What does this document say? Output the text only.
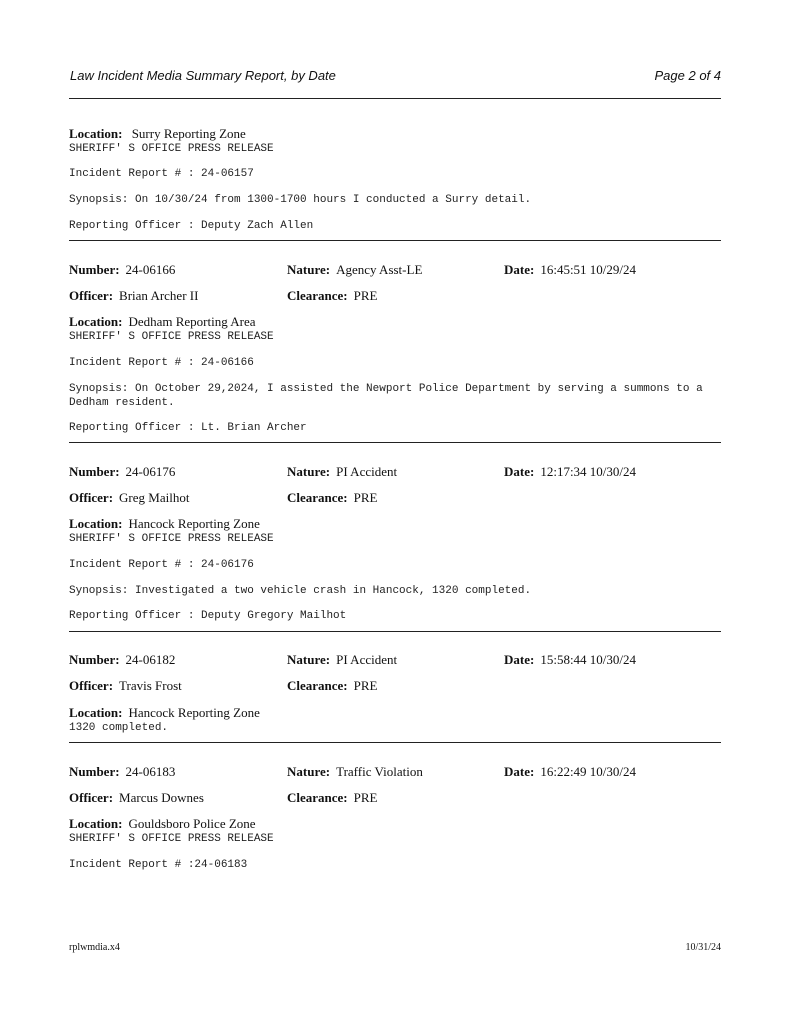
Law Incident Media Summary Report, by Date	Page 2 of 4
Location: Surry Reporting Zone
SHERIFF' S OFFICE PRESS RELEASE
Incident Report # : 24-06157
Synopsis: On 10/30/24 from 1300-1700 hours I conducted a Surry detail.
Reporting Officer : Deputy Zach Allen
Number: 24-06166	Nature: Agency Asst-LE	Date: 16:45:51 10/29/24
Officer: Brian Archer II	Clearance: PRE
Location: Dedham Reporting Area
SHERIFF' S OFFICE PRESS RELEASE
Incident Report # : 24-06166
Synopsis: On October 29,2024, I assisted the Newport Police Department by serving a summons to a Dedham resident.
Reporting Officer : Lt. Brian Archer
Number: 24-06176	Nature: PI Accident	Date: 12:17:34 10/30/24
Officer: Greg Mailhot	Clearance: PRE
Location: Hancock Reporting Zone
SHERIFF' S OFFICE PRESS RELEASE
Incident Report # : 24-06176
Synopsis: Investigated a two vehicle crash in Hancock, 1320 completed.
Reporting Officer : Deputy Gregory Mailhot
Number: 24-06182	Nature: PI Accident	Date: 15:58:44 10/30/24
Officer: Travis Frost	Clearance: PRE
Location: Hancock Reporting Zone
1320 completed.
Number: 24-06183	Nature: Traffic Violation	Date: 16:22:49 10/30/24
Officer: Marcus Downes	Clearance: PRE
Location: Gouldsboro Police Zone
SHERIFF' S OFFICE PRESS RELEASE
Incident Report # :24-06183
rplwmdia.x4	10/31/24
